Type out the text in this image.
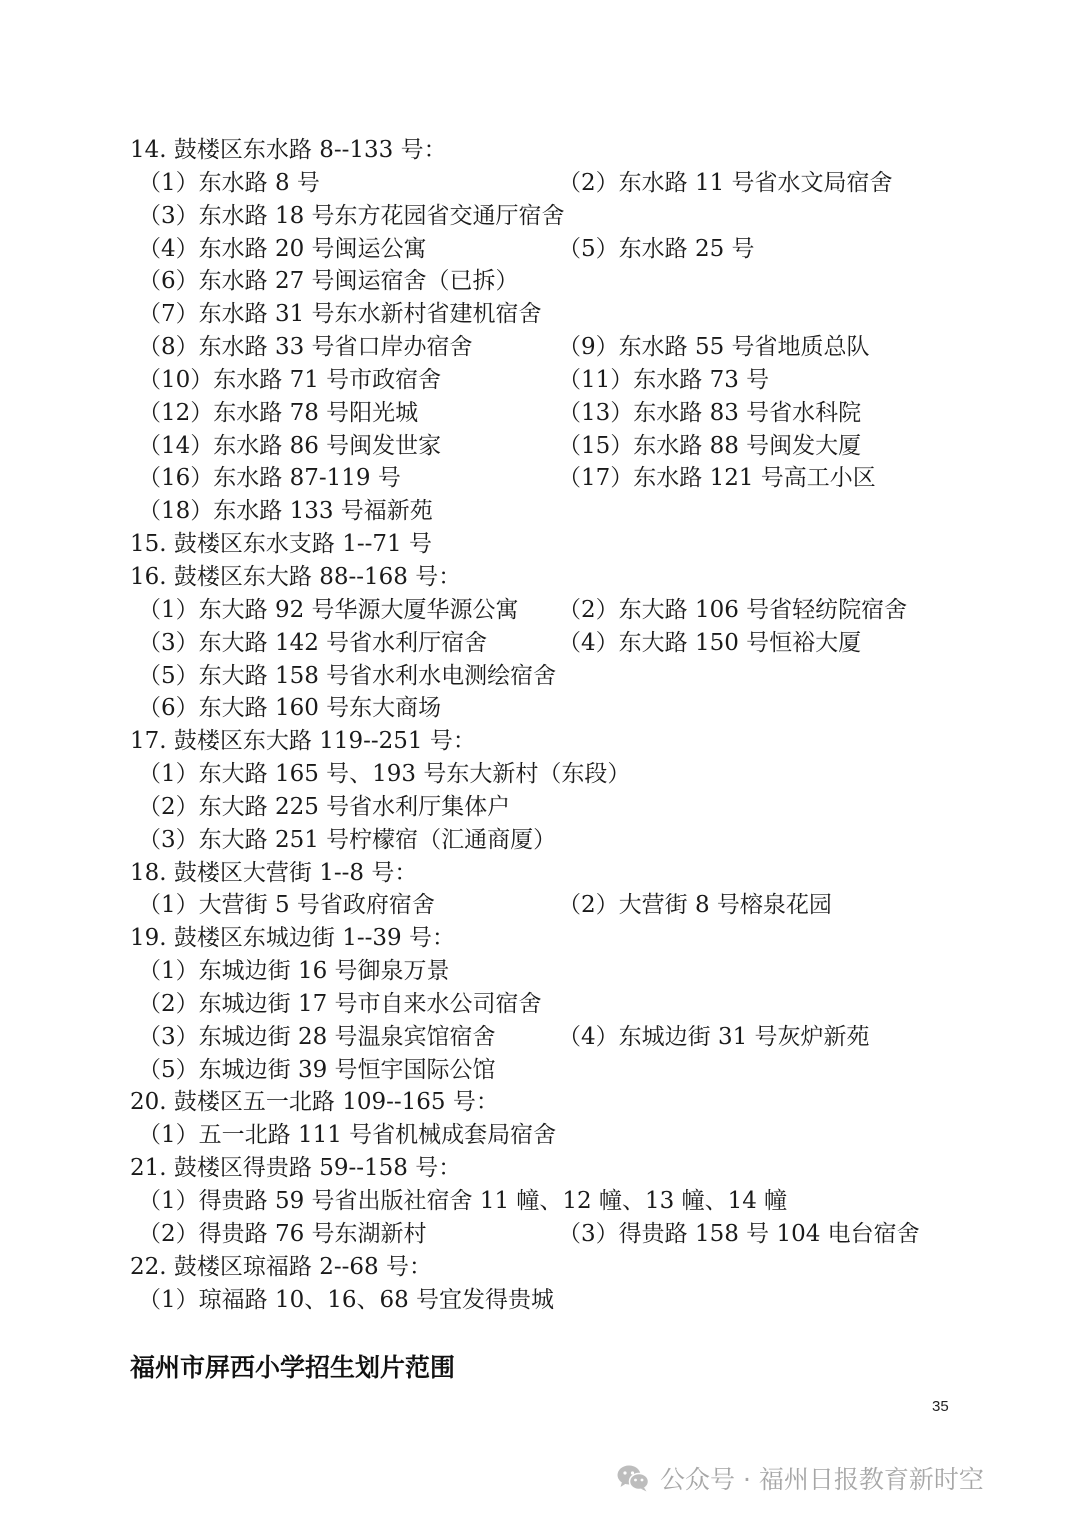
14. 鼓楼区东水路 8--133 号：
（1）东水路 8 号	（2）东水路 11 号省水文局宿舍
（3）东水路 18 号东方花园省交通厅宿舍
（4）东水路 20 号闽运公寓	（5）东水路 25 号
（6）东水路 27 号闽运宿舍（已拆）
（7）东水路 31 号东水新村省建机宿舍
（8）东水路 33 号省口岸办宿舍	（9）东水路 55 号省地质总队
（10）东水路 71 号市政宿舍	（11）东水路 73 号
（12）东水路 78 号阳光城	（13）东水路 83 号省水科院
（14）东水路 86 号闽发世家	（15）东水路 88 号闽发大厦
（16）东水路 87-119 号	（17）东水路 121 号高工小区
（18）东水路 133 号福新苑
15. 鼓楼区东水支路 1--71 号
16. 鼓楼区东大路 88--168 号：
（1）东大路 92 号华源大厦华源公寓 （2）东大路 106 号省轻纺院宿舍
（3）东大路 142 号省水利厅宿舍	（4）东大路 150 号恒裕大厦
（5）东大路 158 号省水利水电测绘宿舍
（6）东大路 160 号东大商场
17. 鼓楼区东大路 119--251 号：
（1）东大路 165 号、193 号东大新村（东段）
（2）东大路 225 号省水利厅集体户
（3）东大路 251 号柠檬宿（汇通商厦）
18. 鼓楼区大营街 1--8 号：
（1）大营街 5 号省政府宿舍	（2）大营街 8 号榕泉花园
19. 鼓楼区东城边街 1--39 号：
（1）东城边街 16 号御泉万景
（2）东城边街 17 号市自来水公司宿舍
（3）东城边街 28 号温泉宾馆宿舍	（4）东城边街 31 号灰炉新苑
（5）东城边街 39 号恒宇国际公馆
20. 鼓楼区五一北路 109--165 号：
（1）五一北路 111 号省机械成套局宿舍
21. 鼓楼区得贵路 59--158 号：
（1）得贵路 59 号省出版社宿舍 11 幢、12 幢、13 幢、14 幢
（2）得贵路 76 号东湖新村	（3）得贵路 158 号 104 电台宿舍
22. 鼓楼区琼福路 2--68 号：
（1）琼福路 10、16、68 号宜发得贵城
福州市屏西小学招生划片范围
35
公众号 · 福州日报教育新时空
